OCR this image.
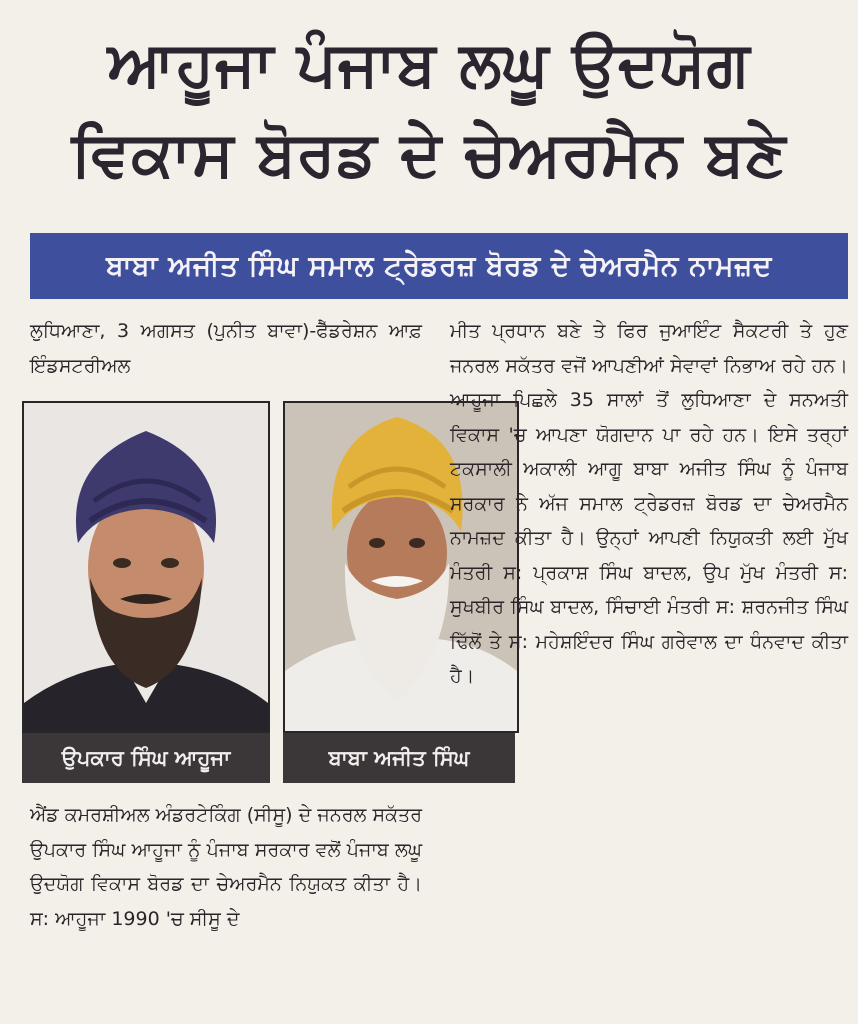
ਆਹੂਜਾ ਪੰਜਾਬ ਲਘੂ ਉਦਯੋਗ
ਵਿਕਾਸ ਬੋਰਡ ਦੇ ਚੇਅਰਮੈਨ ਬਣੇ
ਬਾਬਾ ਅਜੀਤ ਸਿੰਘ ਸਮਾਲ ਟ੍ਰੇਡਰਜ਼ ਬੋਰਡ ਦੇ ਚੇਅਰਮੈਨ ਨਾਮਜ਼ਦ

ਲੁਧਿਆਣਾ, 3 ਅਗਸਤ (ਪੁਨੀਤ ਬਾਵਾ)-ਫੈੱਡਰੇਸ਼ਨ ਆਫ਼ ਇੰਡਸਟਰੀਅਲ

ਉਪਕਾਰ ਸਿੰਘ ਆਹੂਜਾ	ਬਾਬਾ ਅਜੀਤ ਸਿੰਘ

ਐਂਡ ਕਮਰਸ਼ੀਅਲ ਅੰਡਰਟੇਕਿੰਗ (ਸੀਸੂ) ਦੇ ਜਨਰਲ ਸਕੱਤਰ ਉਪਕਾਰ ਸਿੰਘ ਆਹੂਜਾ ਨੂੰ ਪੰਜਾਬ ਸਰਕਾਰ ਵਲੋਂ ਪੰਜਾਬ ਲਘੂ ਉਦਯੋਗ ਵਿਕਾਸ ਬੋਰਡ ਦਾ ਚੇਅਰਮੈਨ ਨਿਯੁਕਤ ਕੀਤਾ ਹੈ। ਸ: ਆਹੂਜਾ 1990 'ਚ ਸੀਸੂ ਦੇ

ਮੀਤ ਪ੍ਰਧਾਨ ਬਣੇ ਤੇ ਫਿਰ ਜੁਆਇੰਟ ਸੈਕਟਰੀ ਤੇ ਹੁਣ ਜਨਰਲ ਸਕੱਤਰ ਵਜੋਂ ਆਪਣੀਆਂ ਸੇਵਾਵਾਂ ਨਿਭਾਅ ਰਹੇ ਹਨ। ਆਹੂਜਾ ਪਿਛਲੇ 35 ਸਾਲਾਂ ਤੋਂ ਲੁਧਿਆਣਾ ਦੇ ਸਨਅਤੀ ਵਿਕਾਸ 'ਚ ਆਪਣਾ ਯੋਗਦਾਨ ਪਾ ਰਹੇ ਹਨ। ਇਸੇ ਤਰ੍ਹਾਂ ਟਕਸਾਲੀ ਅਕਾਲੀ ਆਗੂ ਬਾਬਾ ਅਜੀਤ ਸਿੰਘ ਨੂੰ ਪੰਜਾਬ ਸਰਕਾਰ ਨੇ ਅੱਜ ਸਮਾਲ ਟ੍ਰੇਡਰਜ਼ ਬੋਰਡ ਦਾ ਚੇਅਰਮੈਨ ਨਾਮਜ਼ਦ ਕੀਤਾ ਹੈ। ਉਨ੍ਹਾਂ ਆਪਣੀ ਨਿਯੁਕਤੀ ਲਈ ਮੁੱਖ ਮੰਤਰੀ ਸ: ਪ੍ਰਕਾਸ਼ ਸਿੰਘ ਬਾਦਲ, ਉਪ ਮੁੱਖ ਮੰਤਰੀ ਸ: ਸੁਖਬੀਰ ਸਿੰਘ ਬਾਦਲ, ਸਿੰਚਾਈ ਮੰਤਰੀ ਸ: ਸ਼ਰਨਜੀਤ ਸਿੰਘ ਢਿੱਲੋਂ ਤੇ ਸ: ਮਹੇਸ਼ਇੰਦਰ ਸਿੰਘ ਗਰੇਵਾਲ ਦਾ ਧੰਨਵਾਦ ਕੀਤਾ ਹੈ।
